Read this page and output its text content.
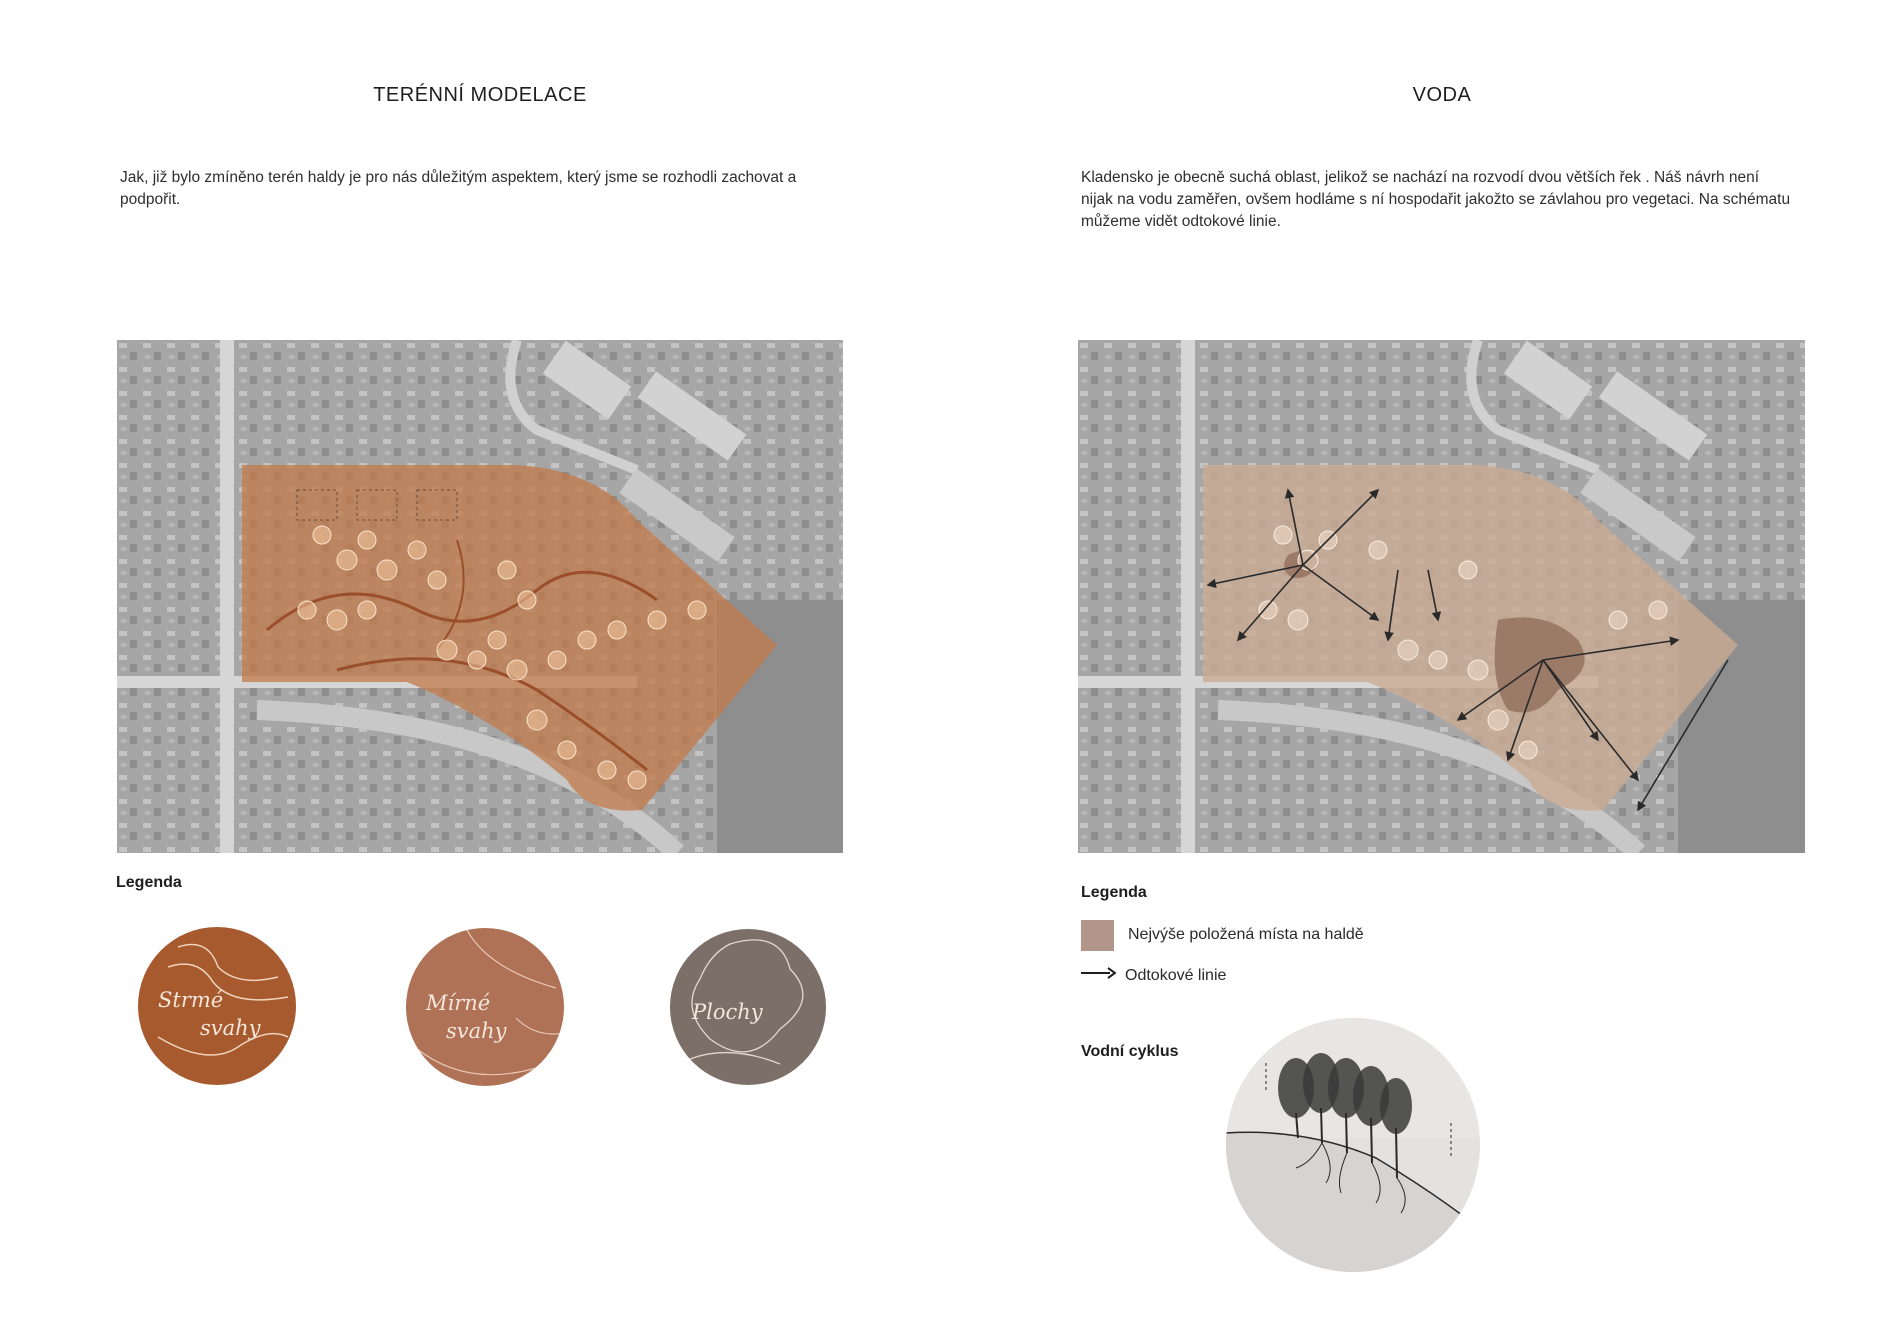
TERÉNNÍ MODELACE
Jak, již bylo zmíněno terén haldy je pro nás důležitým aspektem, který jsme se rozhodli zachovat a podpořit.
Legenda
Strmé
svahy
Mírné
svahy
Plochy
VODA
Kladensko je obecně suchá oblast, jelikož se nachází na rozvodí dvou větších řek . Náš návrh není nijak na vodu zaměřen, ovšem hodláme s ní hospodařit jakožto se závlahou pro vegetaci. Na schématu můžeme vidět odtokové linie.
Legenda
Nejvýše položená místa na haldě
Odtokové linie
Vodní cyklus
